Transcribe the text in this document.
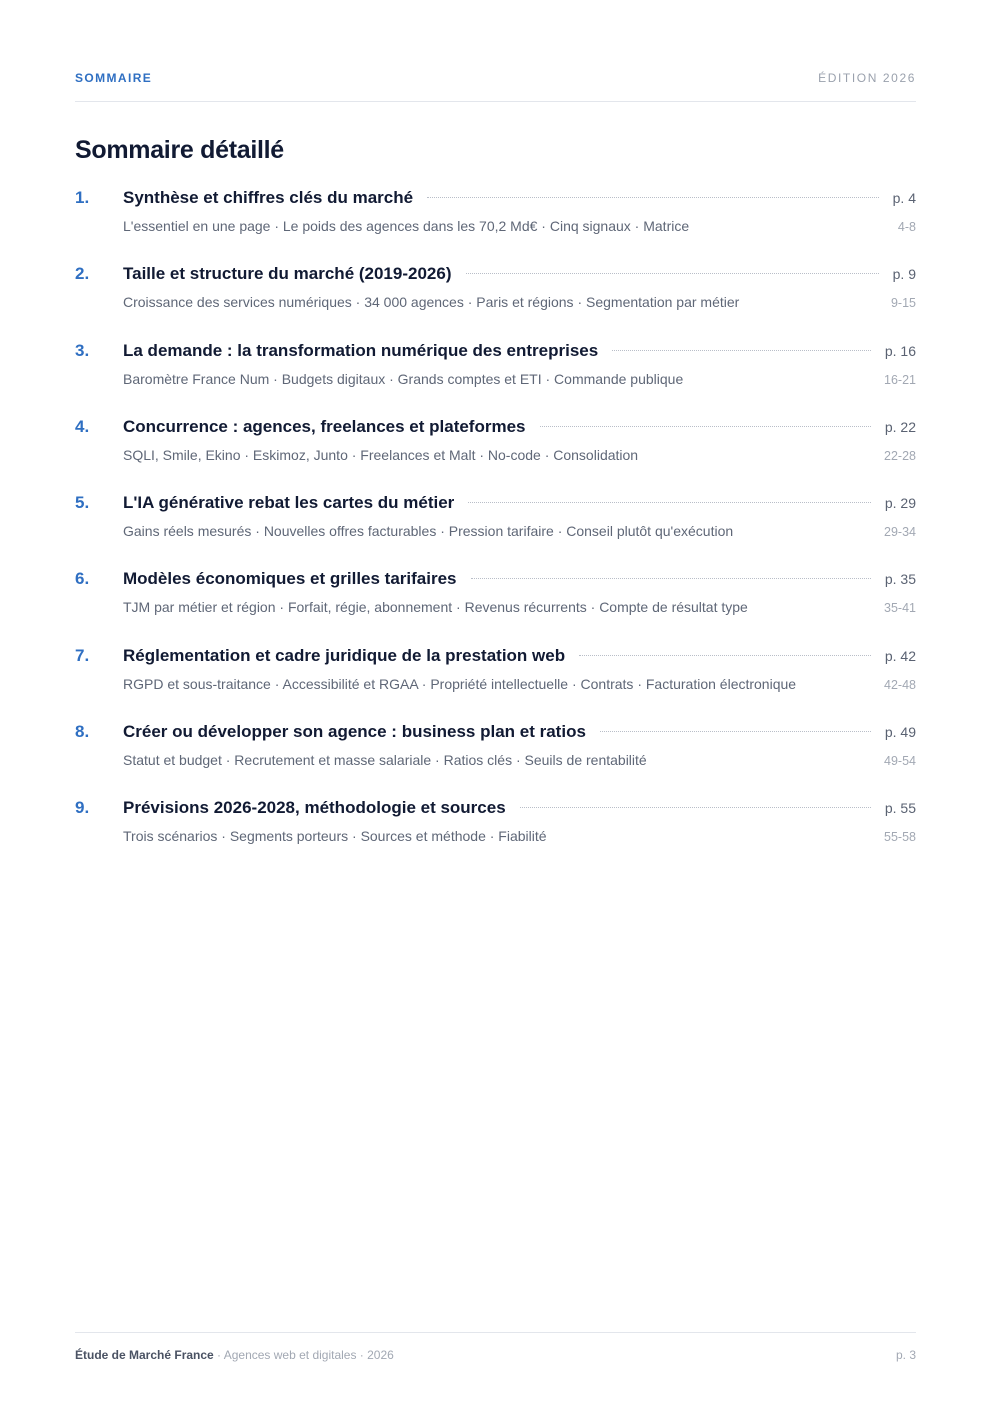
SOMMAIRE	ÉDITION 2026
Sommaire détaillé
1.	Synthèse et chiffres clés du marché	p. 4
L'essentiel en une page · Le poids des agences dans les 70,2 Md€ · Cinq signaux · Matrice	4-8
2.	Taille et structure du marché (2019-2026)	p. 9
Croissance des services numériques · 34 000 agences · Paris et régions · Segmentation par métier	9-15
3.	La demande : la transformation numérique des entreprises	p. 16
Baromètre France Num · Budgets digitaux · Grands comptes et ETI · Commande publique	16-21
4.	Concurrence : agences, freelances et plateformes	p. 22
SQLI, Smile, Ekino · Eskimoz, Junto · Freelances et Malt · No-code · Consolidation	22-28
5.	L'IA générative rebat les cartes du métier	p. 29
Gains réels mesurés · Nouvelles offres facturables · Pression tarifaire · Conseil plutôt qu'exécution	29-34
6.	Modèles économiques et grilles tarifaires	p. 35
TJM par métier et région · Forfait, régie, abonnement · Revenus récurrents · Compte de résultat type	35-41
7.	Réglementation et cadre juridique de la prestation web	p. 42
RGPD et sous-traitance · Accessibilité et RGAA · Propriété intellectuelle · Contrats · Facturation électronique	42-48
8.	Créer ou développer son agence : business plan et ratios	p. 49
Statut et budget · Recrutement et masse salariale · Ratios clés · Seuils de rentabilité	49-54
9.	Prévisions 2026-2028, méthodologie et sources	p. 55
Trois scénarios · Segments porteurs · Sources et méthode · Fiabilité	55-58
Étude de Marché France · Agences web et digitales · 2026	p. 3
